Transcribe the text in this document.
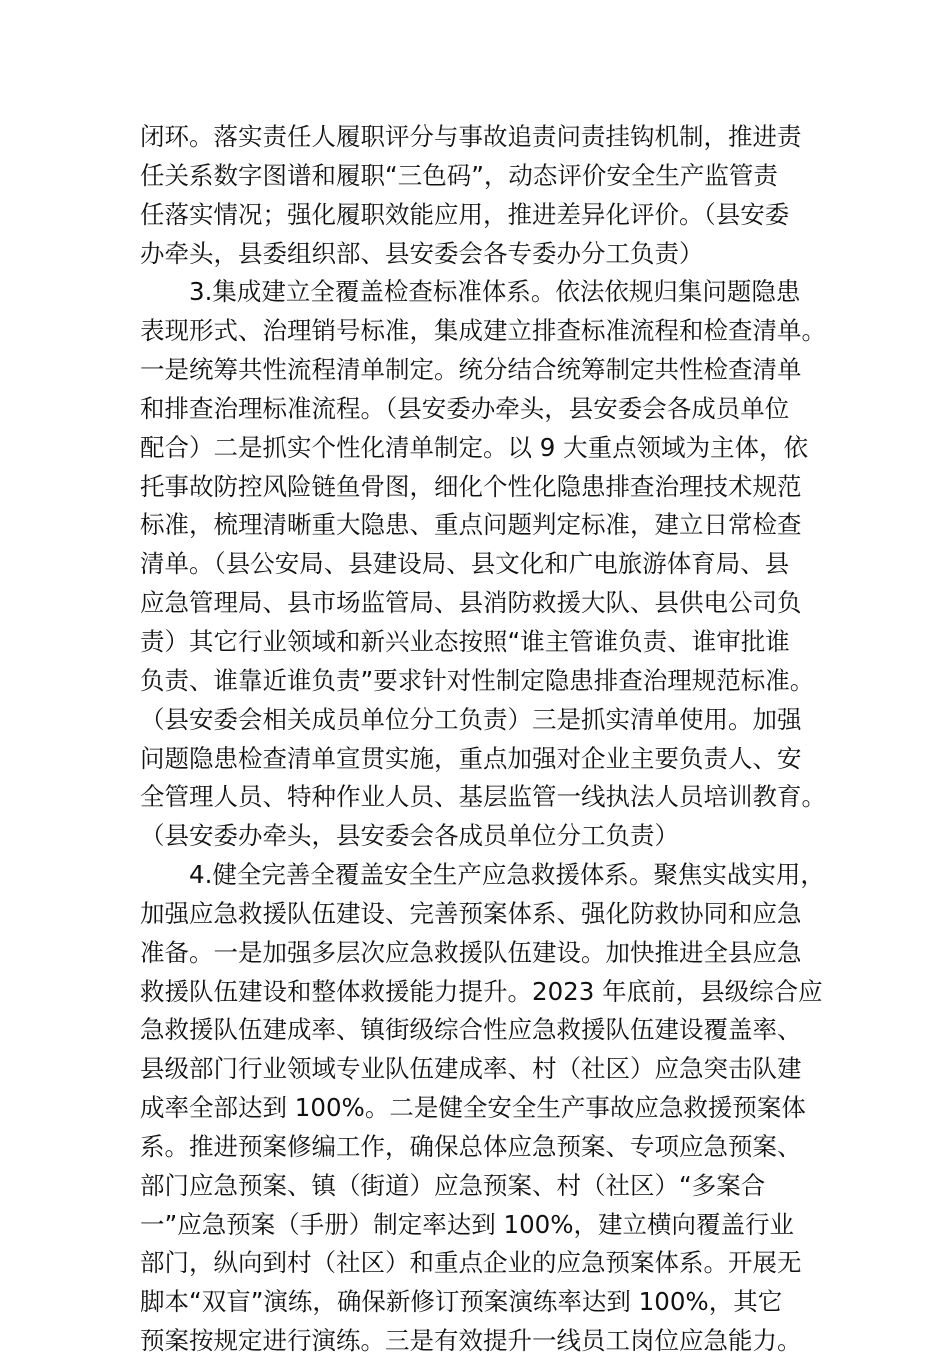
闭环。落实责任人履职评分与事故追责问责挂钩机制，推进责
任关系数字图谱和履职“三色码”，动态评价安全生产监管责
任落实情况；强化履职效能应用，推进差异化评价。（县安委
办牵头，县委组织部、县安委会各专委办分工负责）
3.集成建立全覆盖检查标准体系。依法依规归集问题隐患
表现形式、治理销号标准，集成建立排查标准流程和检查清单。
一是统筹共性流程清单制定。统分结合统筹制定共性检查清单
和排查治理标准流程。（县安委办牵头，县安委会各成员单位
配合）二是抓实个性化清单制定。以 9 大重点领域为主体，依
托事故防控风险链鱼骨图，细化个性化隐患排查治理技术规范
标准，梳理清晰重大隐患、重点问题判定标准，建立日常检查
清单。（县公安局、县建设局、县文化和广电旅游体育局、县
应急管理局、县市场监管局、县消防救援大队、县供电公司负
责）其它行业领域和新兴业态按照“谁主管谁负责、谁审批谁
负责、谁靠近谁负责”要求针对性制定隐患排查治理规范标准。
（县安委会相关成员单位分工负责）三是抓实清单使用。加强
问题隐患检查清单宣贯实施，重点加强对企业主要负责人、安
全管理人员、特种作业人员、基层监管一线执法人员培训教育。
（县安委办牵头，县安委会各成员单位分工负责）
4.健全完善全覆盖安全生产应急救援体系。聚焦实战实用，
加强应急救援队伍建设、完善预案体系、强化防救协同和应急
准备。一是加强多层次应急救援队伍建设。加快推进全县应急
救援队伍建设和整体救援能力提升。2023 年底前，县级综合应
急救援队伍建成率、镇街级综合性应急救援队伍建设覆盖率、
县级部门行业领域专业队伍建成率、村（社区）应急突击队建
成率全部达到 100%。二是健全安全生产事故应急救援预案体
系。推进预案修编工作，确保总体应急预案、专项应急预案、
部门应急预案、镇（街道）应急预案、村（社区）“多案合
一”应急预案（手册）制定率达到 100%，建立横向覆盖行业
部门，纵向到村（社区）和重点企业的应急预案体系。开展无
脚本“双盲”演练，确保新修订预案演练率达到 100%，其它
预案按规定进行演练。三是有效提升一线员工岗位应急能力。
